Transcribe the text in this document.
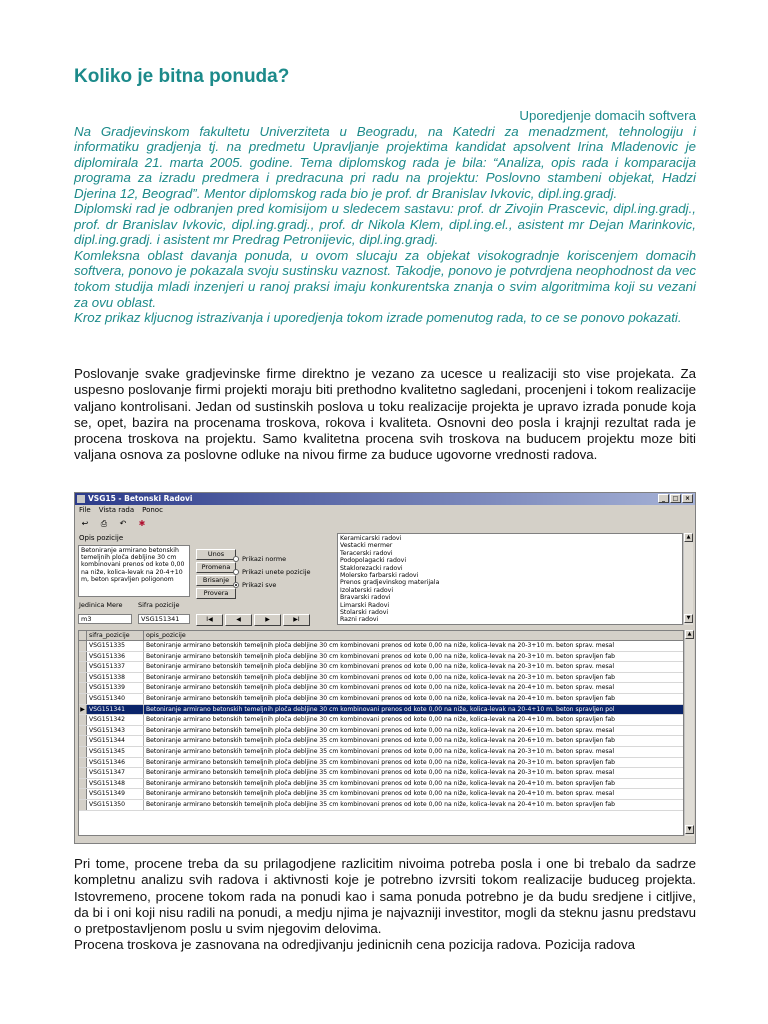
Koliko je bitna ponuda?
Uporedjenje domacih softvera

Na Gradjevinskom fakultetu Univerziteta u Beogradu, na Katedri za menadzment, tehnologiju i informatiku gradjenja tj. na predmetu Upravljanje projektima kandidat apsolvent Irina Mladenovic je diplomirala 21. marta 2005. godine. Tema diplomskog rada je bila: “Analiza, opis rada i komparacija programa za izradu predmera i predracuna pri radu na projektu: Poslovno stambeni objekat, Hadzi Djerina 12, Beograd”. Mentor diplomskog rada bio je prof. dr Branislav Ivkovic, dipl.ing.gradj.

Diplomski rad je odbranjen pred komisijom u sledecem sastavu: prof. dr Zivojin Prascevic, dipl.ing.gradj., prof. dr Branislav Ivkovic, dipl.ing.gradj., prof. dr Nikola Klem, dipl.ing.el., asistent mr Dejan Marinkovic, dipl.ing.gradj. i asistent mr Predrag Petronijevic, dipl.ing.gradj.

Komleksna oblast davanja ponuda, u ovom slucaju za objekat visokogradnje koriscenjem domacih softvera, ponovo je pokazala svoju sustinsku vaznost. Takodje, ponovo je potvrdjena neophodnost da vec tokom studija mladi inzenjeri u ranoj praksi imaju konkurentska znanja o svim algoritmima koji su vezani za ovu oblast.

Kroz prikaz kljucnog istrazivanja i uporedjenja tokom izrade pomenutog rada, to ce se ponovo pokazati.

Poslovanje svake gradjevinske firme direktno je vezano za ucesce u realizaciji sto vise projekata. Za uspesno poslovanje firmi projekti moraju biti prethodno kvalitetno sagledani, procenjeni i tokom realizacije valjano kontrolisani. Jedan od sustinskih poslova u toku realizacije projekta je upravo izrada ponude koja se, opet, bazira na procenama troskova, rokova i kvaliteta. Osnovni deo posla i krajnji rezultat rada je procena troskova na projektu. Samo kvalitetna procena svih troskova na buducem projektu moze biti valjana osnova za poslovne odluke na nivou firme za buduce ugovorne vrednosti radova.

VSG15 - Betonski Radovi	_	□	×
File Vista rada Ponoc
↩	⎙	↶	✱
Opis pozicije
Betoniranje armirano betonskih temeljnih ploča debljine 30 cm kombinovani prenos od kote 0,00 na niže, kolica-levak na 20-4+10 m, beton spravljen poligonom
Unos
Promena
Brisanje
Provera
Prikazi norme
Prikazi unete pozicije
Prikazi sve
Jedinica Mere Sifra pozicije
m3	VSG151341	I◀	◀	▶	▶I
Keramicarski radovi
Vestacki mermer
Teracerski radovi
Podopolagacki radovi
Staklorezacki radovi
Molersko farbarski radovi
Prenos gradjevinskog materijala
Izolaterski radovi
Bravarski radovi
Limarski Radovi
Stolarski radovi
Razni radovi
▲
▼
sifra_pozicije	opis_pozicije
VSG151335	Betoniranje armirano betonskih temeljnih ploča debljine 30 cm kombinovani prenos od kote 0,00 na niže, kolica-levak na 20-3+10 m. beton sprav. mesal
VSG151336	Betoniranje armirano betonskih temeljnih ploča debljine 30 cm kombinovani prenos od kote 0,00 na niže, kolica-levak na 20-3+10 m. beton spravljen fab
VSG151337	Betoniranje armirano betonskih temeljnih ploča debljine 30 cm kombinovani prenos od kote 0,00 na niže, kolica-levak na 20-3+10 m. beton sprav. mesal
VSG151338	Betoniranje armirano betonskih temeljnih ploča debljine 30 cm kombinovani prenos od kote 0,00 na niže, kolica-levak na 20-3+10 m. beton spravljen fab
VSG151339	Betoniranje armirano betonskih temeljnih ploča debljine 30 cm kombinovani prenos od kote 0,00 na niže, kolica-levak na 20-4+10 m. beton sprav. mesal
VSG151340	Betoniranje armirano betonskih temeljnih ploča debljine 30 cm kombinovani prenos od kote 0,00 na niže, kolica-levak na 20-4+10 m. beton spravljen fab
▶ VSG151341	Betoniranje armirano betonskih temeljnih ploča debljine 30 cm kombinovani prenos od kote 0,00 na niže, kolica-levak na 20-4+10 m. beton spravljen pol
VSG151342	Betoniranje armirano betonskih temeljnih ploča debljine 30 cm kombinovani prenos od kote 0,00 na niže, kolica-levak na 20-4+10 m. beton spravljen fab
VSG151343	Betoniranje armirano betonskih temeljnih ploča debljine 30 cm kombinovani prenos od kote 0,00 na niže, kolica-levak na 20-6+10 m. beton sprav. mesal
VSG151344	Betoniranje armirano betonskih temeljnih ploča debljine 35 cm kombinovani prenos od kote 0,00 na niže, kolica-levak na 20-6+10 m. beton spravljen fab
VSG151345	Betoniranje armirano betonskih temeljnih ploča debljine 35 cm kombinovani prenos od kote 0,00 na niže, kolica-levak na 20-3+10 m. beton sprav. mesal
VSG151346	Betoniranje armirano betonskih temeljnih ploča debljine 35 cm kombinovani prenos od kote 0,00 na niže, kolica-levak na 20-3+10 m. beton spravljen fab
VSG151347	Betoniranje armirano betonskih temeljnih ploča debljine 35 cm kombinovani prenos od kote 0,00 na niže, kolica-levak na 20-3+10 m. beton sprav. mesal
VSG151348	Betoniranje armirano betonskih temeljnih ploča debljine 35 cm kombinovani prenos od kote 0,00 na niže, kolica-levak na 20-4+10 m. beton spravljen fab
VSG151349	Betoniranje armirano betonskih temeljnih ploča debljine 35 cm kombinovani prenos od kote 0,00 na niže, kolica-levak na 20-4+10 m. beton sprav. mesal
VSG151350	Betoniranje armirano betonskih temeljnih ploča debljine 35 cm kombinovani prenos od kote 0,00 na niže, kolica-levak na 20-4+10 m. beton spravljen fab
▲
▼

Pri tome, procene treba da su prilagodjene razlicitim nivoima potreba posla i one bi trebalo da sadrze kompletnu analizu svih radova i aktivnosti koje je potrebno izvrsiti tokom realizacije buduceg projekta. Istovremeno, procene tokom rada na ponudi kao i sama ponuda potrebno je da budu sredjene i citljive, da bi i oni koji nisu radili na ponudi, a medju njima je najvazniji investitor, mogli da steknu jasnu predstavu o pretpostavljenom poslu u svim njegovim delovima.

Procena troskova je zasnovana na odredjivanju jedinicnih cena pozicija radova. Pozicija radova
